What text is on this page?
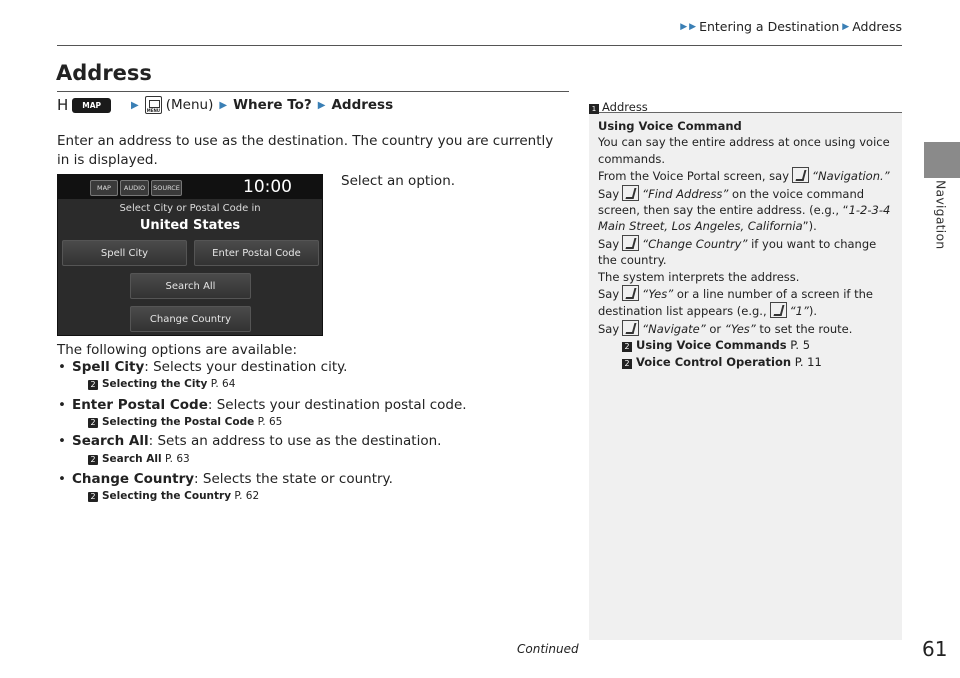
▶ ▶ Entering a Destination ▶ Address
Navigation
Address
H	MAP	▶
MENU (Menu) ▶ Where To? ▶ Address
Enter an address to use as the destination. The country you are currently in is displayed.
MAP	AUDIO	SOURCE	10:00
Select City or Postal Code in
United States
Spell City	Enter Postal Code
Search All
Change Country
Select an option.
The following options are available:
• Spell City: Selects your destination city.
2 Selecting the City P. 64
• Enter Postal Code: Selects your destination postal code.
2 Selecting the Postal Code P. 65
• Search All: Sets an address to use as the destination.
2 Search All P. 63
• Change Country: Selects the state or country.
2 Selecting the Country P. 62
1 Address
Using Voice Command
You can say the entire address at once using voice commands.
From the Voice Portal screen, say “Navigation.”
Say “Find Address” on the voice command screen, then say the entire address. (e.g., “1-2-3-4 Main Street, Los Angeles, California”).
Say “Change Country” if you want to change the country.
The system interprets the address.
Say “Yes” or a line number of a screen if the destination list appears (e.g., “1”).
Say “Navigate” or “Yes” to set the route.
2 Using Voice Commands P. 5
2 Voice Control Operation P. 11
Continued	61
